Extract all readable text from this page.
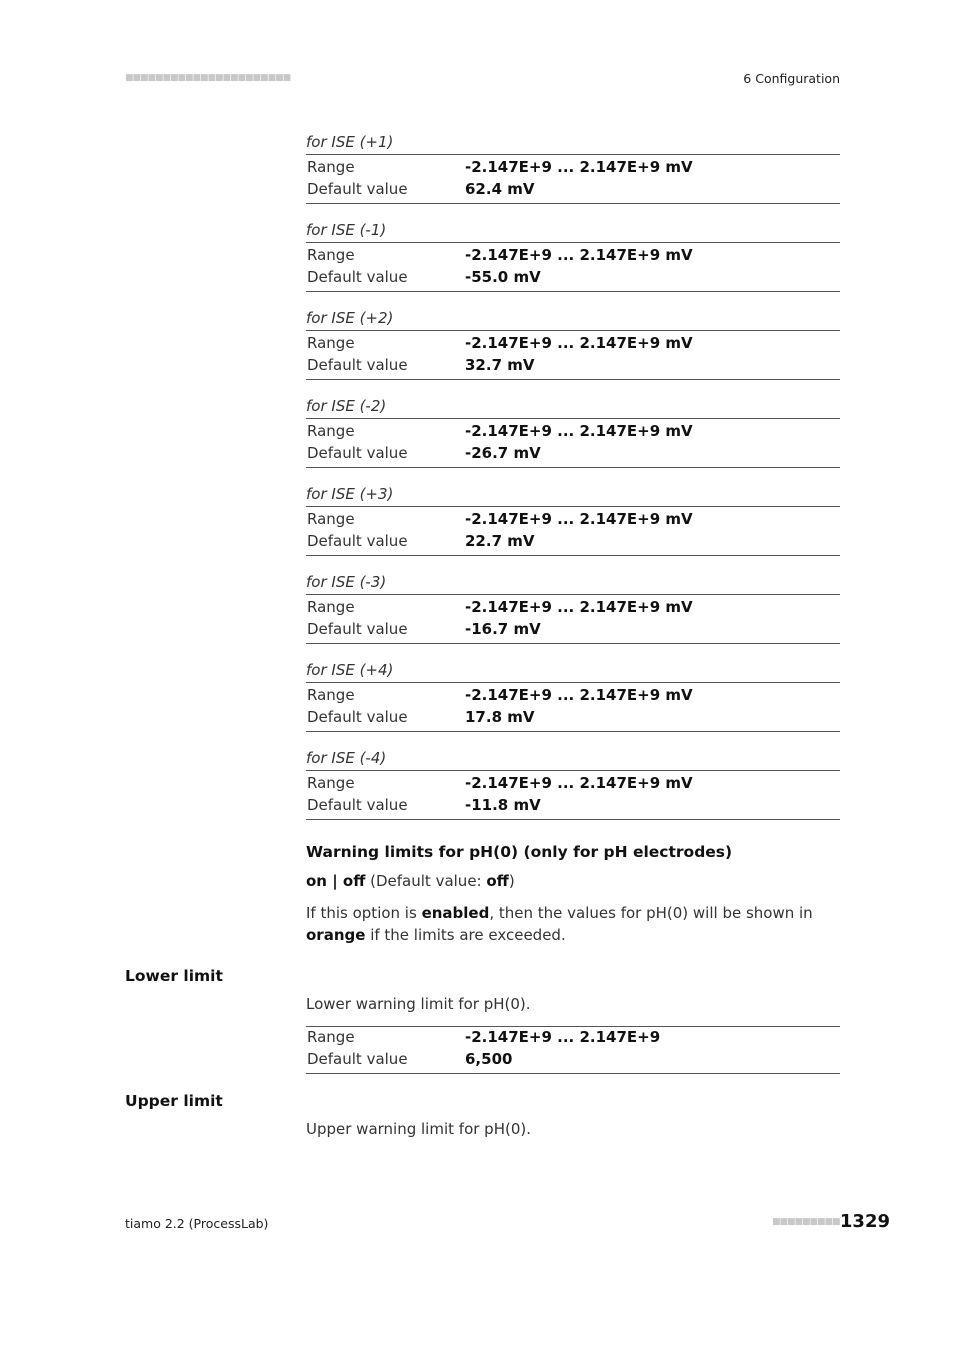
■■■■■■■■■■■■■■■■■■■■■■	6 Configuration
for ISE (+1)
Range	-2.147E+9 ... 2.147E+9 mV
Default value	62.4 mV
for ISE (-1)
Range	-2.147E+9 ... 2.147E+9 mV
Default value	-55.0 mV
for ISE (+2)
Range	-2.147E+9 ... 2.147E+9 mV
Default value	32.7 mV
for ISE (-2)
Range	-2.147E+9 ... 2.147E+9 mV
Default value	-26.7 mV
for ISE (+3)
Range	-2.147E+9 ... 2.147E+9 mV
Default value	22.7 mV
for ISE (-3)
Range	-2.147E+9 ... 2.147E+9 mV
Default value	-16.7 mV
for ISE (+4)
Range	-2.147E+9 ... 2.147E+9 mV
Default value	17.8 mV
for ISE (-4)
Range	-2.147E+9 ... 2.147E+9 mV
Default value	-11.8 mV
Warning limits for pH(0) (only for pH electrodes)
on | off (Default value: off)
If this option is enabled, then the values for pH(0) will be shown in
orange if the limits are exceeded.
Lower limit
Lower warning limit for pH(0).
Range	-2.147E+9 ... 2.147E+9
Default value	6,500
Upper limit
Upper warning limit for pH(0).
tiamo 2.2 (ProcessLab)	■■■■■■■■■ 1329
